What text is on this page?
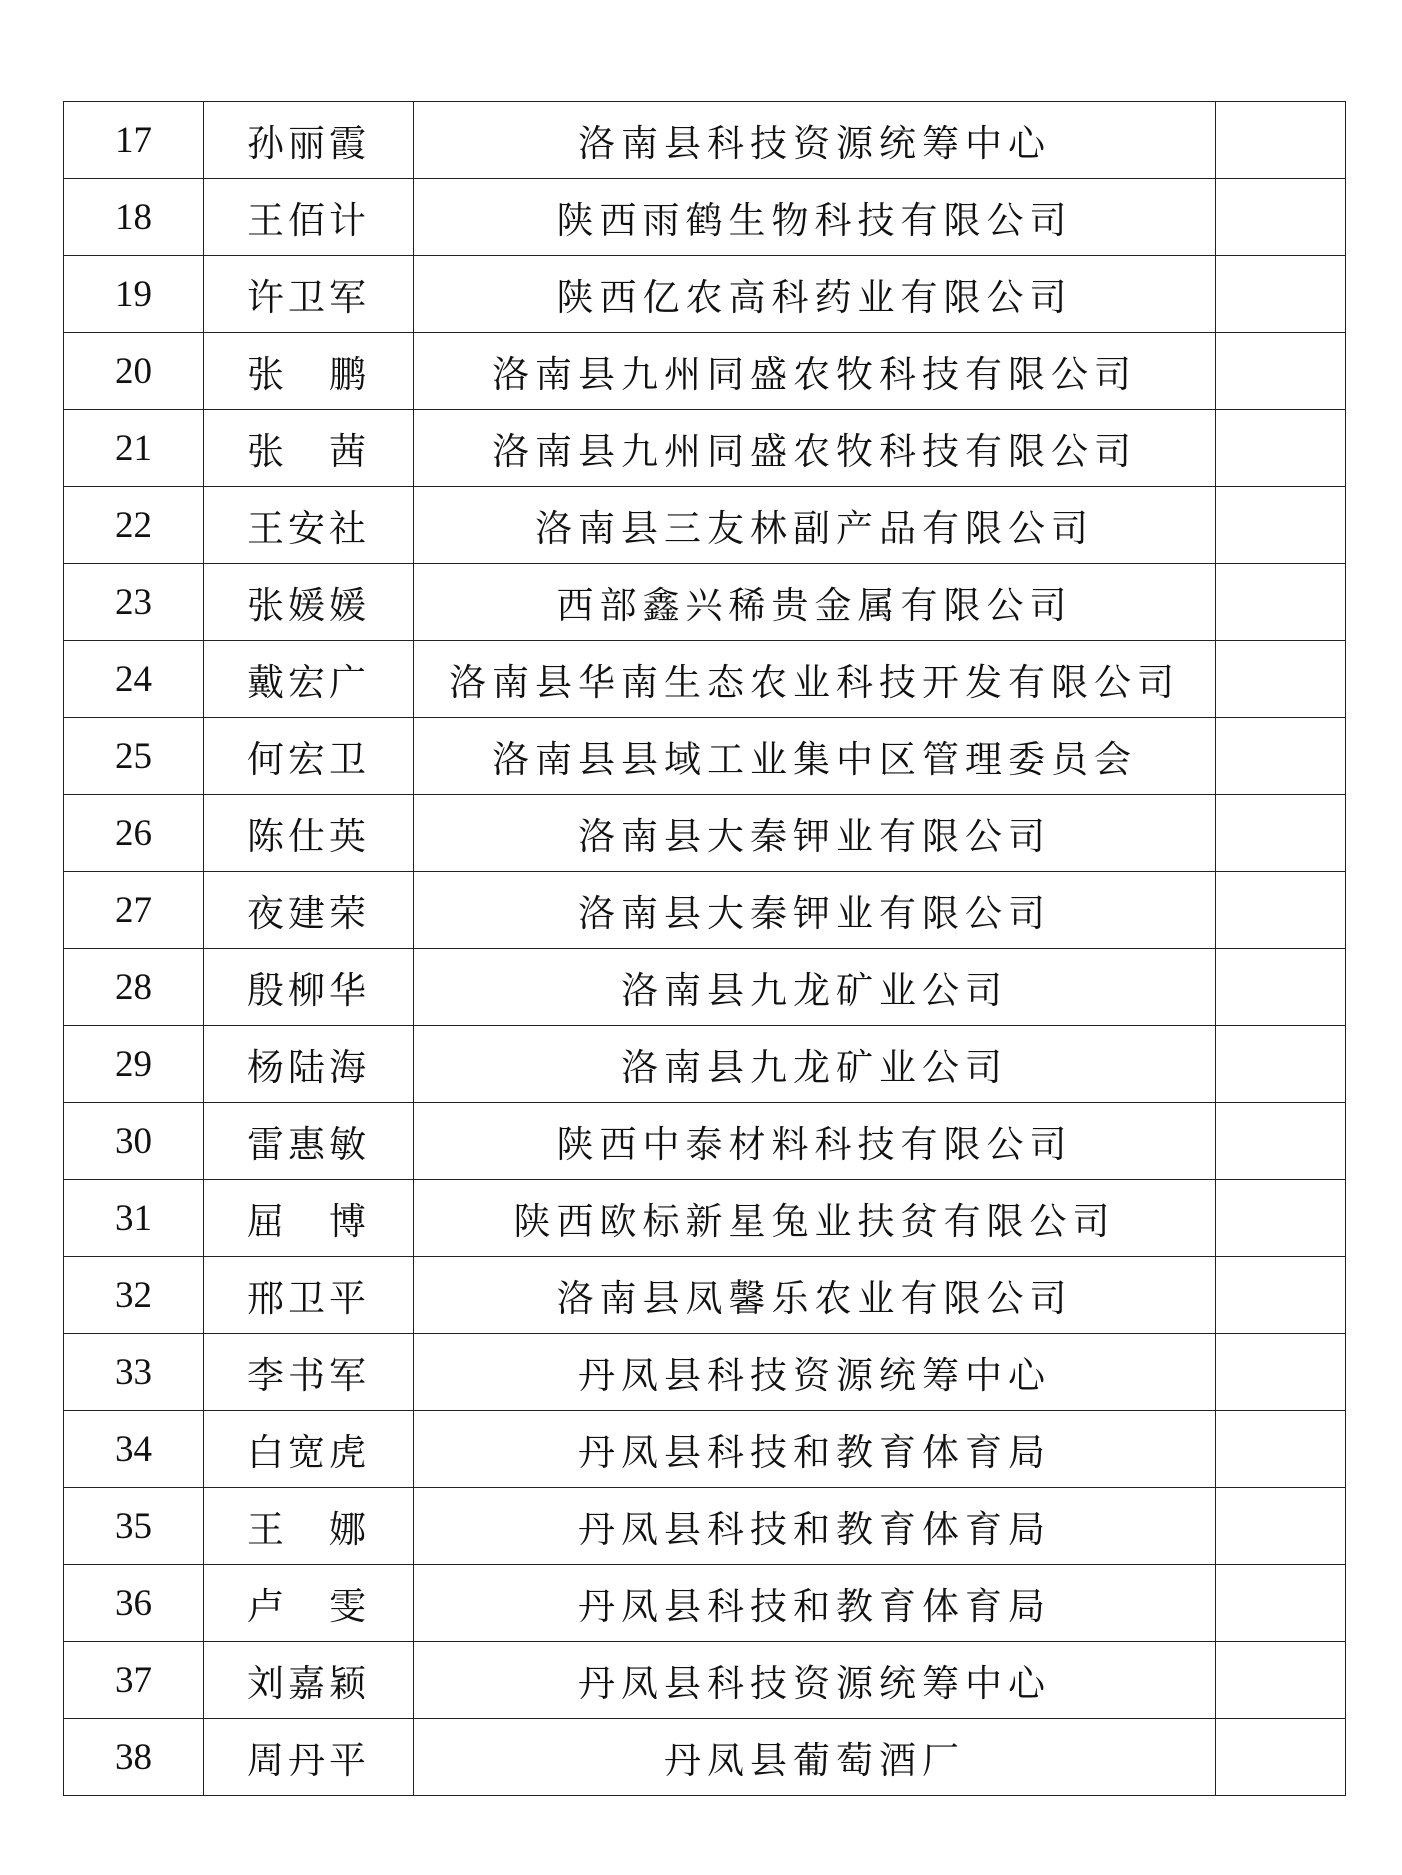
17	孙丽霞	洛南县科技资源统筹中心	
18	王佰计	陕西雨鹤生物科技有限公司	
19	许卫军	陕西亿农高科药业有限公司	
20	张　鹏	洛南县九州同盛农牧科技有限公司	
21	张　茜	洛南县九州同盛农牧科技有限公司	
22	王安社	洛南县三友林副产品有限公司	
23	张媛媛	西部鑫兴稀贵金属有限公司	
24	戴宏广	洛南县华南生态农业科技开发有限公司	
25	何宏卫	洛南县县域工业集中区管理委员会	
26	陈仕英	洛南县大秦钾业有限公司	
27	夜建荣	洛南县大秦钾业有限公司	
28	殷柳华	洛南县九龙矿业公司	
29	杨陆海	洛南县九龙矿业公司	
30	雷惠敏	陕西中泰材料科技有限公司	
31	屈　博	陕西欧标新星兔业扶贫有限公司	
32	邢卫平	洛南县凤馨乐农业有限公司	
33	李书军	丹凤县科技资源统筹中心	
34	白宽虎	丹凤县科技和教育体育局	
35	王　娜	丹凤县科技和教育体育局	
36	卢　雯	丹凤县科技和教育体育局	
37	刘嘉颖	丹凤县科技资源统筹中心	
38	周丹平	丹凤县葡萄酒厂	
